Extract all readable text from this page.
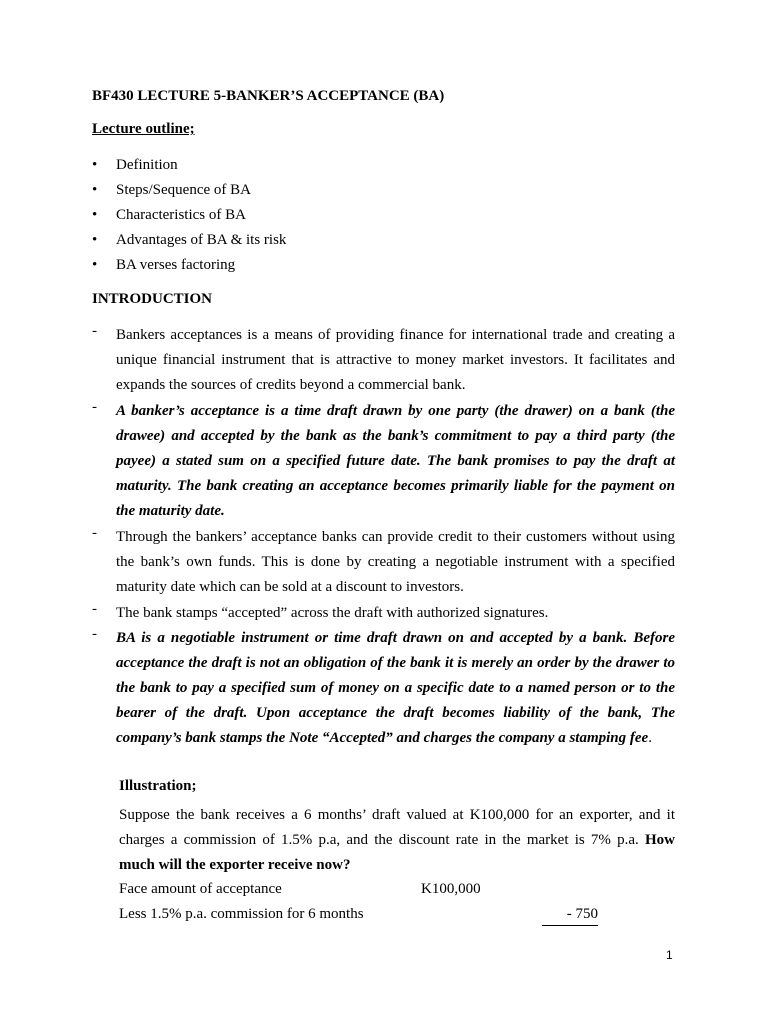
BF430 LECTURE 5-BANKER’S ACCEPTANCE (BA)

Lecture outline;

•	Definition
•	Steps/Sequence of BA
•	Characteristics of BA
•	Advantages of BA & its risk
•	BA verses factoring

INTRODUCTION

-	Bankers acceptances is a means of providing finance for international trade and creating a unique financial instrument that is attractive to money market investors. It facilitates and expands the sources of credits beyond a commercial bank.

-	A banker’s acceptance is a time draft drawn by one party (the drawer) on a bank (the drawee) and accepted by the bank as the bank’s commitment to pay a third party (the payee) a stated sum on a specified future date. The bank promises to pay the draft at maturity. The bank creating an acceptance becomes primarily liable for the payment on the maturity date.

-	Through the bankers’ acceptance banks can provide credit to their customers without using the bank’s own funds. This is done by creating a negotiable instrument with a specified maturity date which can be sold at a discount to investors.

-	The bank stamps “accepted” across the draft with authorized signatures.

-	BA is a negotiable instrument or time draft drawn on and accepted by a bank. Before acceptance the draft is not an obligation of the bank it is merely an order by the drawer to the bank to pay a specified sum of money on a specific date to a named person or to the bearer of the draft. Upon acceptance the draft becomes liability of the bank, The company’s bank stamps the Note “Accepted” and charges the company a stamping fee.

Illustration;

Suppose the bank receives a 6 months’ draft valued at K100,000 for an exporter, and it charges a commission of 1.5% p.a, and the discount rate in the market is 7% p.a. How much will the exporter receive now?

Face amount of acceptance	K100,000
Less 1.5% p.a. commission for 6 months	- 750
1
